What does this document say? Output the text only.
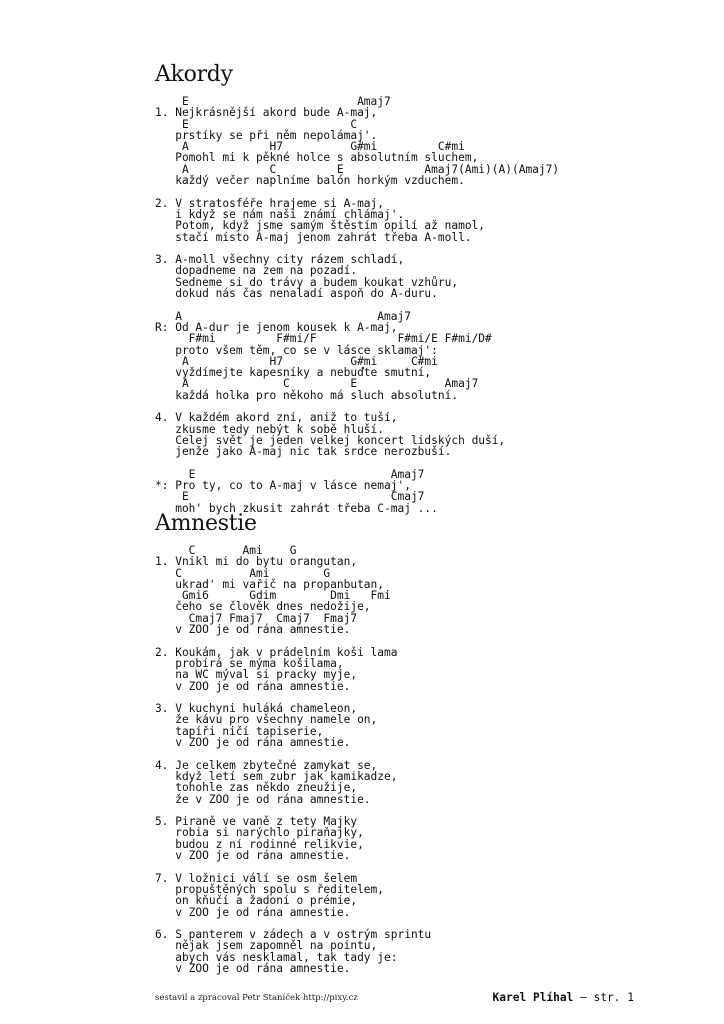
Akordy
E                         Amaj7
1. Nejkrásnější akord bude A-maj,
E                        C
prstíky se při něm nepolámaj'.
A            H7          G#mi         C#mi
Pomohl mi k pěkné holce s absolutním sluchem,
A            C         E            Amaj7(Ami)(A)(Amaj7)
každý večer naplníme balón horkým vzduchem.

2. V stratosféře hrajeme si A-maj,
i když se nám naši známí chlámaj'.
Potom, když jsme samým štěstím opilí až namol,
stačí místo A-maj jenom zahrát třeba A-moll.

3. A-moll všechny city rázem schladí,
dopadneme na zem na pozadí.
Sedneme si do trávy a budem koukat vzhůru,
dokud nás čas nenaladí aspoň do A-duru.

A                             Amaj7
R: Od A-dur je jenom kousek k A-maj,
F#mi         F#mi/F            F#mi/E F#mi/D#
proto všem těm, co se v lásce sklamaj':
A            H7          G#mi     C#mi
vyždímejte kapesníky a nebuďte smutní,
A              C         E             Amaj7
každá holka pro někoho má sluch absolutní.

4. V každém akord zní, aniž to tuší,
zkusme tedy nebýt k sobě hluší.
Celej svět je jeden velkej koncert lidských duší,
jenže jako A-maj nic tak srdce nerozbuší.

E                             Amaj7
*: Pro ty, co to A-maj v lásce nemaj',
E                              Cmaj7
moh' bych zkusit zahrát třeba C-maj ...
Amnestie
C       Ami    G
1. Vnikl mi do bytu orangutan,
C          Ami        G
ukrad' mi vařič na propanbutan,
Gmi6      Gdim        Dmi   Fmi
čeho se člověk dnes nedožije,
Cmaj7 Fmaj7  Cmaj7  Fmaj7
v ZOO je od rána amnestie.

2. Koukám, jak v prádelním koši lama
probírá se mýma košilama,
na WC mýval si pracky myje,
v ZOO je od rána amnestie.

3. V kuchyni huláká chameleon,
že kávu pro všechny namele on,
tapíři ničí tapiserie,
v ZOO je od rána amnestie.

4. Je celkem zbytečné zamykat se,
když letí sem zubr jak kamikadze,
tohohle zas někdo zneužije,
že v ZOO je od rána amnestie.

5. Piraně ve vaně z tety Majky
robia si narýchlo piraňajky,
budou z ní rodinné relikvie,
v ZOO je od rána amnestie.

7. V ložnici válí se osm šelem
propuštěných spolu s ředitelem,
on kňučí a žadoní o prémie,
v ZOO je od rána amnestie.

6. S panterem v zádech a v ostrým sprintu
nějak jsem zapomněl na pointu,
abych vás nesklamal, tak tady je:
v ZOO je od rána amnestie.
sestavil a zpracoval Petr Staníček http://pixy.cz	Karel Plíhal — str. 1
